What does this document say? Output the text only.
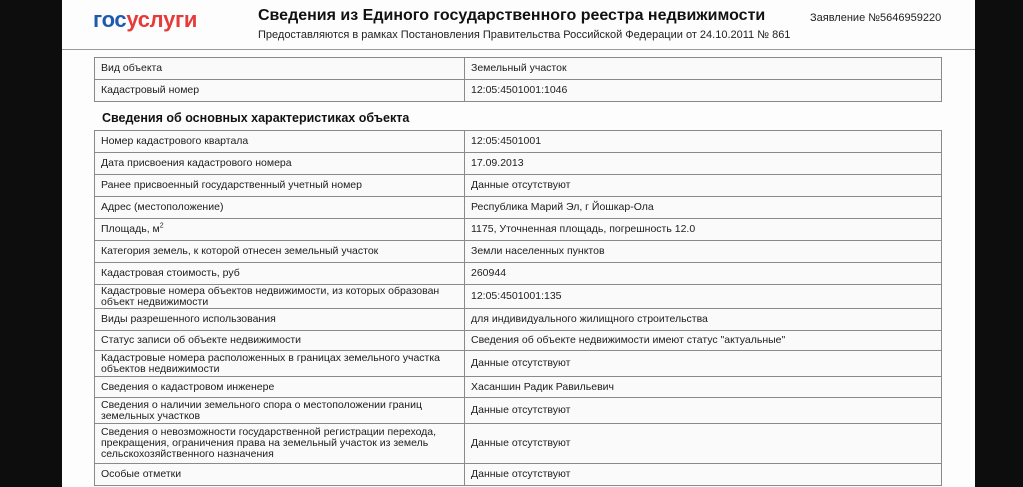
госуслуги	Сведения из Единого государственного реестра недвижимости
Предоставляются в рамках Постановления Правительства Российской Федерации от 24.10.2011 № 861
Заявление №5646959220
Вид объекта	Земельный участок
Кадастровый номер	12:05:4501001:1046
Сведения об основных характеристиках объекта
Номер кадастрового квартала	12:05:4501001
Дата присвоения кадастрового номера	17.09.2013
Ранее присвоенный государственный учетный номер	Данные отсутствуют
Адрес (местоположение)	Республика Марий Эл, г Йошкар-Ола
Площадь, $м^2$	1175, Уточненная площадь, погрешность 12.0
Категория земель, к которой отнесен земельный участок	Земли населенных пунктов
Кадастровая стоимость, руб	260944
Кадастровые номера объектов недвижимости, из которых образован объект недвижимости	12:05:4501001:135
Виды разрешенного использования	для индивидуального жилищного строительства
Статус записи об объекте недвижимости	Сведения об объекте недвижимости имеют статус "актуальные"
Кадастровые номера расположенных в границах земельного участка объектов недвижимости	Данные отсутствуют
Сведения о кадастровом инженере	Хасаншин Радик Равильевич
Сведения о наличии земельного спора о местоположении границ земельных участков	Данные отсутствуют
Сведения о невозможности государственной регистрации перехода, прекращения, ограничения права на земельный участок из земель сельскохозяйственного назначения	Данные отсутствуют
Особые отметки	Данные отсутствуют
